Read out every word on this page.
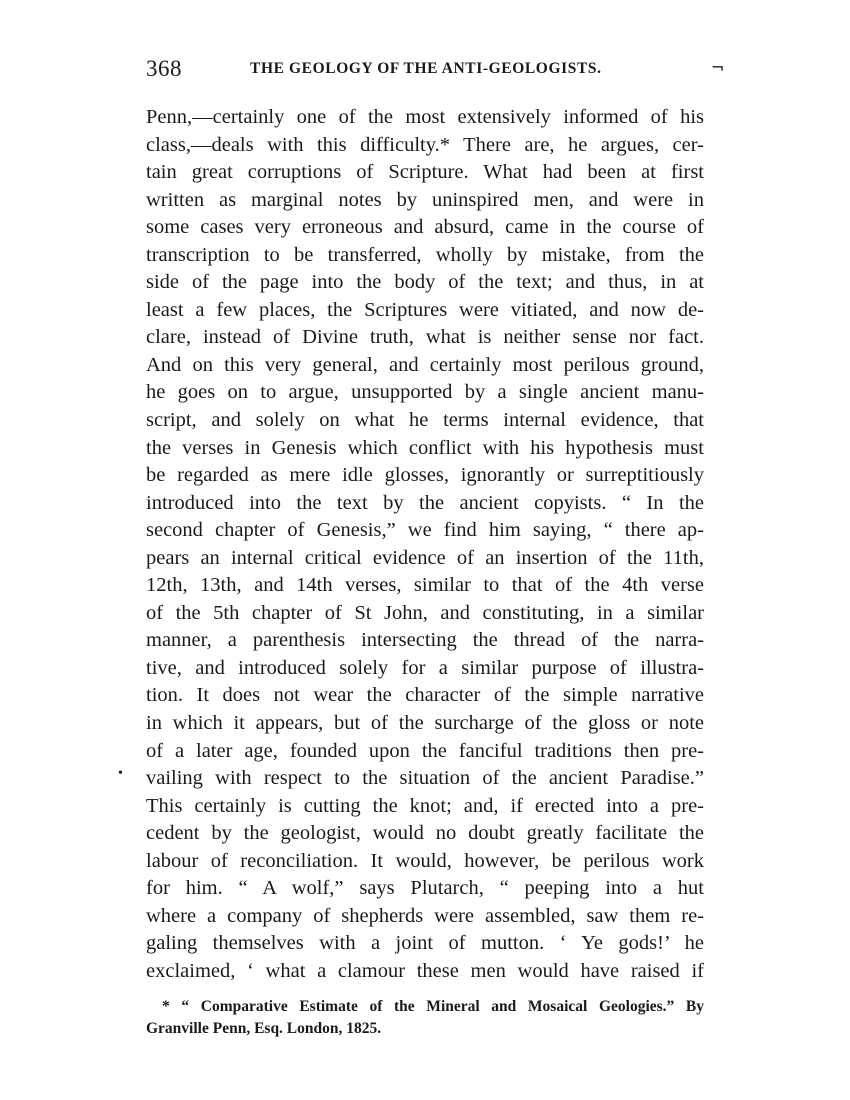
368	THE GEOLOGY OF THE ANTI-GEOLOGISTS.	¬
•
Penn,—certainly one of the most extensively informed of his
class,—deals with this difficulty.* There are, he argues, cer-
tain great corruptions of Scripture. What had been at first
written as marginal notes by uninspired men, and were in
some cases very erroneous and absurd, came in the course of
transcription to be transferred, wholly by mistake, from the
side of the page into the body of the text; and thus, in at
least a few places, the Scriptures were vitiated, and now de-
clare, instead of Divine truth, what is neither sense nor fact.
And on this very general, and certainly most perilous ground,
he goes on to argue, unsupported by a single ancient manu-
script, and solely on what he terms internal evidence, that
the verses in Genesis which conflict with his hypothesis must
be regarded as mere idle glosses, ignorantly or surreptitiously
introduced into the text by the ancient copyists. “ In the
second chapter of Genesis,” we find him saying, “ there ap-
pears an internal critical evidence of an insertion of the 11th,
12th, 13th, and 14th verses, similar to that of the 4th verse
of the 5th chapter of St John, and constituting, in a similar
manner, a parenthesis intersecting the thread of the narra-
tive, and introduced solely for a similar purpose of illustra-
tion. It does not wear the character of the simple narrative
in which it appears, but of the surcharge of the gloss or note
of a later age, founded upon the fanciful traditions then pre-
vailing with respect to the situation of the ancient Paradise.”
This certainly is cutting the knot; and, if erected into a pre-
cedent by the geologist, would no doubt greatly facilitate the
labour of reconciliation. It would, however, be perilous work
for him. “ A wolf,” says Plutarch, “ peeping into a hut
where a company of shepherds were assembled, saw them re-
galing themselves with a joint of mutton. ‘ Ye gods!’ he
exclaimed, ‘ what a clamour these men would have raised if
* “ Comparative Estimate of the Mineral and Mosaical Geologies.” By
Granville Penn, Esq. London, 1825.
